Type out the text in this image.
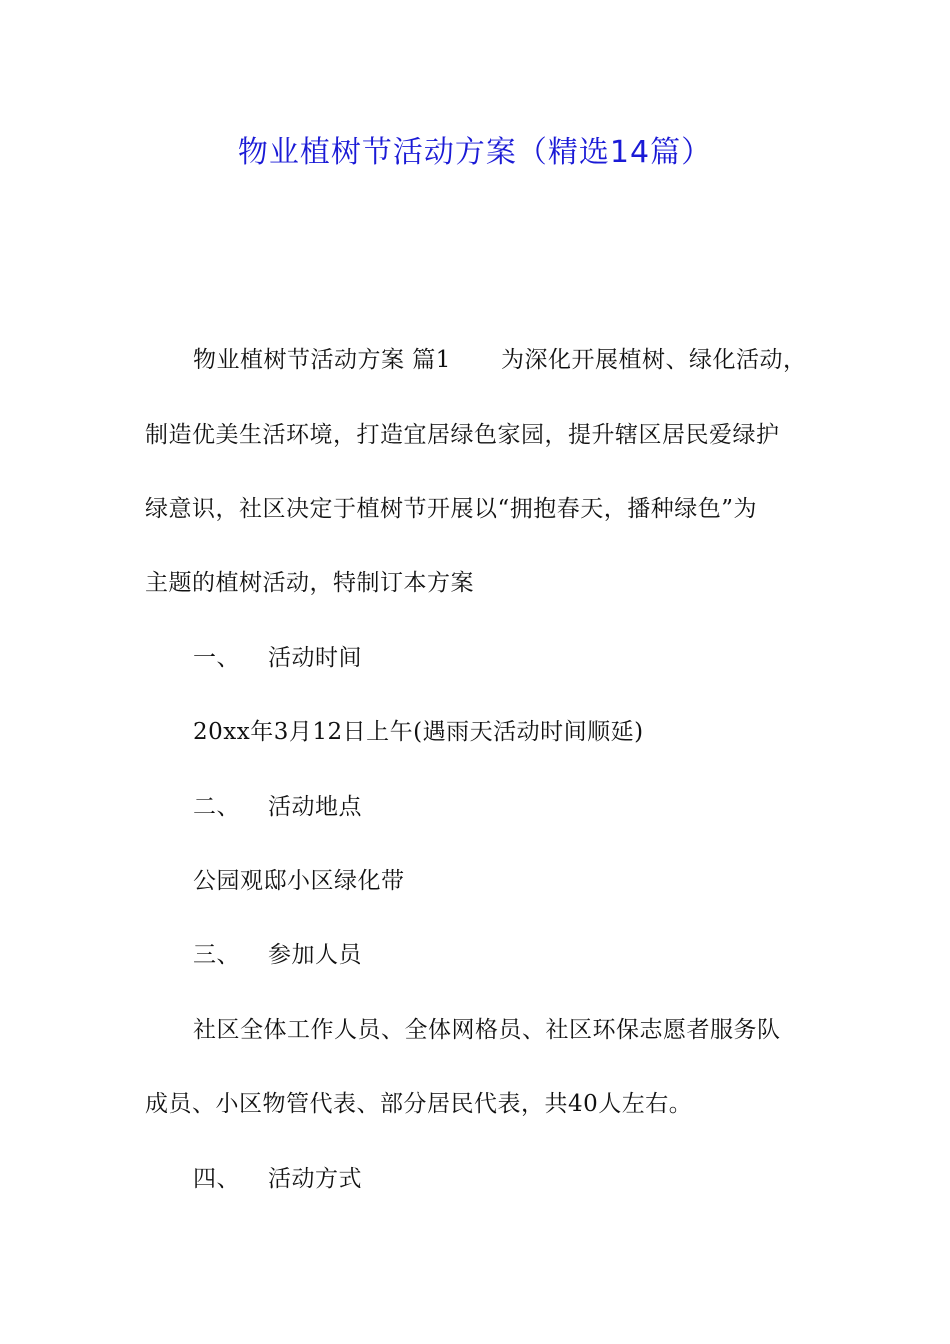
物业植树节活动方案（精选14篇）
物业植树节活动方案 篇1 为深化开展植树、绿化活动，
制造优美生活环境，打造宜居绿色家园，提升辖区居民爱绿护
绿意识，社区决定于植树节开展以“拥抱春天，播种绿色”为
主题的植树活动，特制订本方案
一、 活动时间
20xx年3月12日上午(遇雨天活动时间顺延)
二、 活动地点
公园观邸小区绿化带
三、 参加人员
社区全体工作人员、全体网格员、社区环保志愿者服务队
成员、小区物管代表、部分居民代表，共40人左右。
四、 活动方式
